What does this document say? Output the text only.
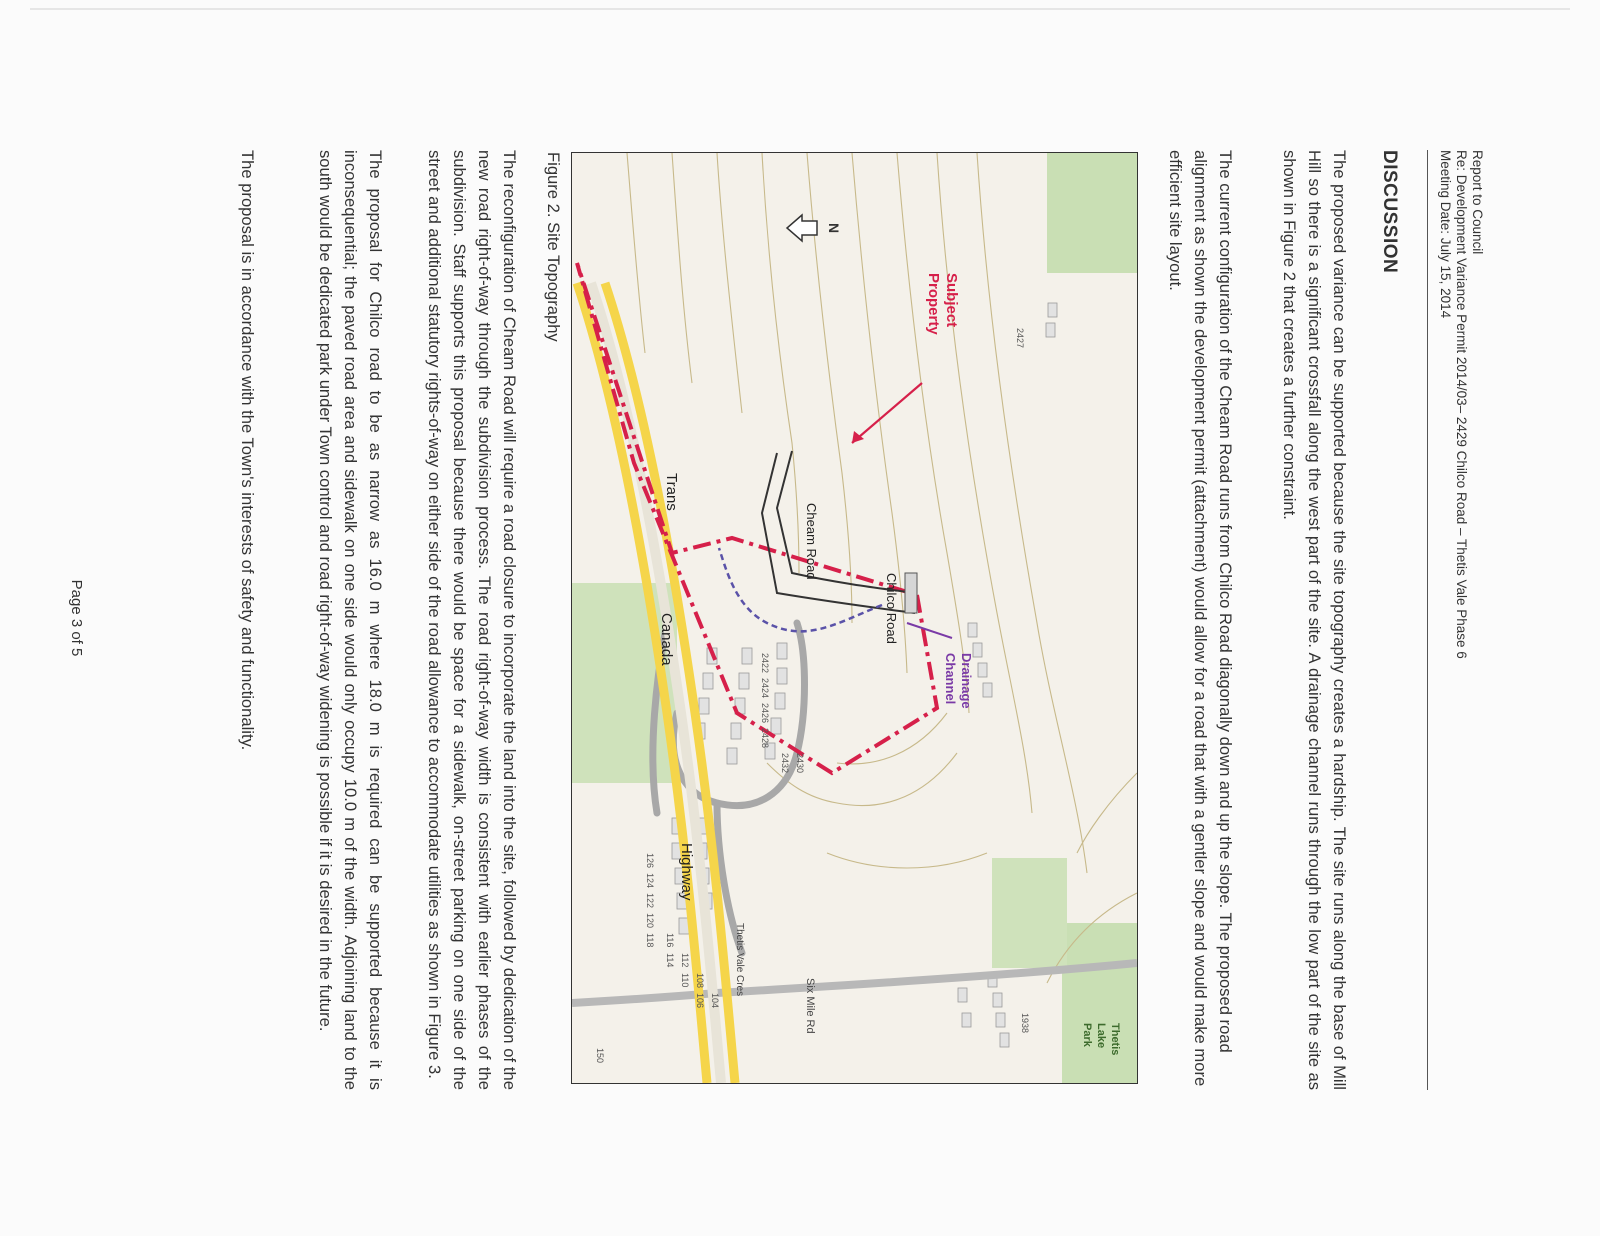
Report to Council
Re: Development Variance Permit 2014/03– 2429 Chilco Road – Thetis Vale Phase 6
Meeting Date: July 15, 2014
DISCUSSION
The proposed variance can be supported because the site topography creates a hardship. The site runs along the base of Mill Hill so there is a significant crossfall along the west part of the site. A drainage channel runs through the low part of the site as shown in Figure 2 that creates a further constraint.
The current configuration of the Cheam Road runs from Chilco Road diagonally down and up the slope. The proposed road alignment as shown the development permit (attachment) would allow for a road that with a gentler slope and would make more efficient site layout.
N
Subject
Property
Drainage
Channel
Cheam Road
Chilco Road
Trans
Canada
Highway
Six Mile Rd
Thetis Vale Cres
Thetis
Lake
Park
2427
2430
2432
2428
2426
2424
2422
1938
126
124
122
120
118 116
114 112
110 108
106 104
150
Figure 2. Site Topography
The reconfiguration of Cheam Road will require a road closure to incorporate the land into the site, followed by dedication of the new road right-of-way through the subdivision process. The road right-of-way width is consistent with earlier phases of the subdivision. Staff supports this proposal because there would be space for a sidewalk, on-street parking on one side of the street and additional statutory rights-of-way on either side of the road allowance to accommodate utilities as shown in Figure 3.
The proposal for Chilco road to be as narrow as 16.0 m where 18.0 m is required can be supported because it is inconsequential; the paved road area and sidewalk on one side would only occupy 10.0 m of the width. Adjoining land to the south would be dedicated park under Town control and road right-of-way widening is possible if it is desired in the future.
The proposal is in accordance with the Town's interests of safety and functionality.
Page 3 of 5
